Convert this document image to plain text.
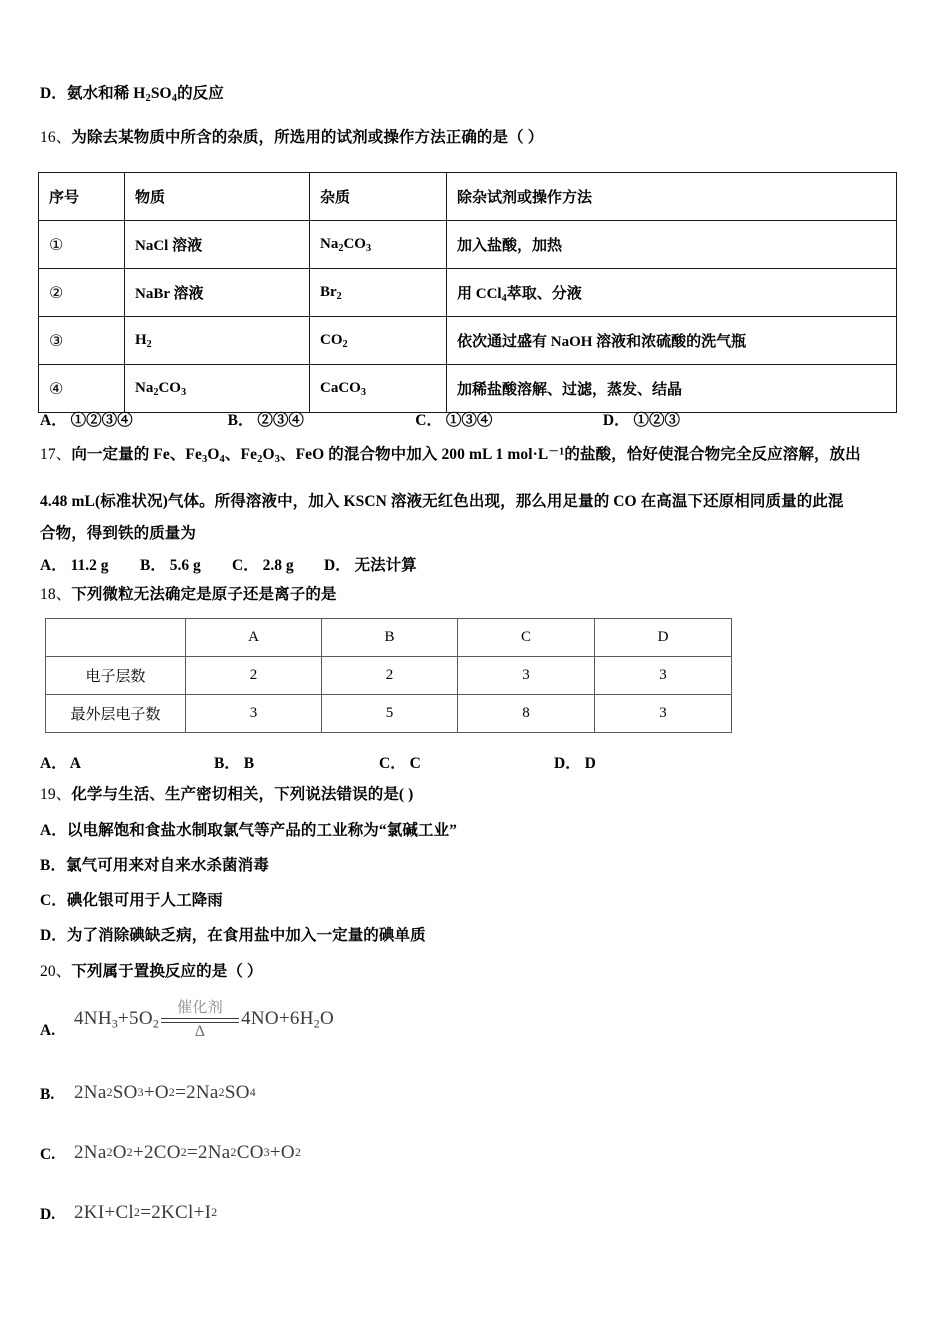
D．氨水和稀 $H_2SO_4$的反应
16、为除去某物质中所含的杂质，所选用的试剂或操作方法正确的是（ ）
序号	物质	杂质	除杂试剂或操作方法
①	NaCl 溶液	$Na_2CO_3$	加入盐酸，加热
②	NaBr 溶液	$Br_2$	用 CCl$_4$萃取、分液
③	$H_2$	$CO_2$	依次通过盛有 NaOH 溶液和浓硫酸的洗气瓶
④	$Na_2CO_3$	CaCO$_3$	加稀盐酸溶解、过滤，蒸发、结晶
A． ①②③④	B． ②③④	C． ①③④	D． ①②③
17、向一定量的 Fe、$Fe_3O_4$、$Fe_2O_3$、FeO 的混合物中加入 200 mL 1 $mol\cdot L^{-1}$的盐酸，恰好使混合物完全反应溶解，放出
4.48 mL(标准状况)气体。所得溶液中，加入 KSCN 溶液无红色出现，那么用足量的 CO 在高温下还原相同质量的此混
合物，得到铁的质量为
A． 11.2 g	B． 5.6 g	C． 2.8 g	D． 无法计算
18、下列微粒无法确定是原子还是离子的是
	A	B	C	D
电子层数	2	2	3	3
最外层电子数	3	5	8	3
A． A	B． B	C． C	D． D
19、化学与生活、生产密切相关，下列说法错误的是( )
A．以电解饱和食盐水制取氯气等产品的工业称为“氯碱工业”
B．氯气可用来对自来水杀菌消毒
C．碘化银可用于人工降雨
D．为了消除碘缺乏病，在食用盐中加入一定量的碘单质
20、下列属于置换反应的是（ ）
A.
$4NH_3+5O_2$
催化剂
Δ
$4NO+6H_2O$
B.	2Na 2 SO 3 +O 2 =2Na 2 SO 4
C. 2Na 2 O 2 +2CO 2 =2Na 2 CO 3 +O 2
D. 2KI+Cl 2 =2KCl+I 2
